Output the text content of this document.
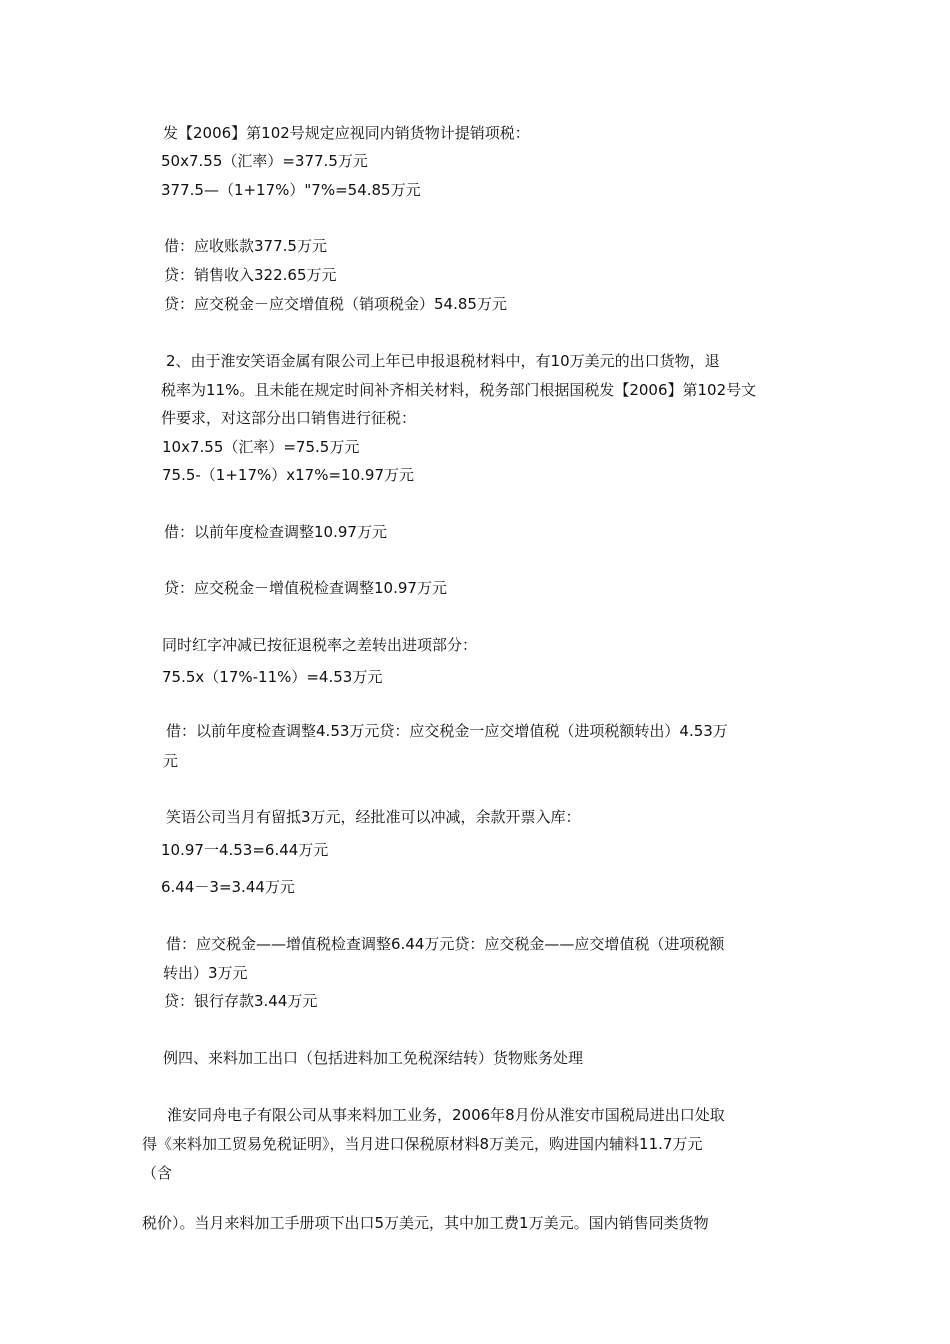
发【2006】第102号规定应视同内销货物计提销项税：

50x7.55（汇率）=377.5万元

377.5—（1+17%）"7%=54.85万元

借：应收账款377.5万元

贷：销售收入322.65万元

贷：应交税金－应交增值税（销项税金）54.85万元

2、由于淮安笑语金属有限公司上年已申报退税材料中，有10万美元的出口货物，退

税率为11%。且未能在规定时间补齐相关材料，税务部门根据国税发【2006】第102号文

件要求，对这部分出口销售进行征税：

10x7.55（汇率）=75.5万元

75.5-（1+17%）x17%=10.97万元

借：以前年度检查调整10.97万元

贷：应交税金－增值税检查调整10.97万元

同时红字冲减已按征退税率之差转出进项部分：

75.5x（17%-11%）=4.53万元

借：以前年度检查调整4.53万元贷：应交税金一应交增值税（进项税额转出）4.53万

元

笑语公司当月有留抵3万元，经批准可以冲减，余款开票入库：

10.97一4.53=6.44万元

6.44－3=3.44万元

借：应交税金——增值税检查调整6.44万元贷：应交税金——应交增值税（进项税额

转出）3万元

贷：银行存款3.44万元

例四、来料加工出口（包括进料加工免税深结转）货物账务处理

淮安同舟电子有限公司从事来料加工业务，2006年8月份从淮安市国税局进出口处取

得《来料加工贸易免税证明》，当月进口保税原材料8万美元，购进国内辅料11.7万元

（含

税价）。当月来料加工手册项下出口5万美元，其中加工费1万美元。国内销售同类货物
